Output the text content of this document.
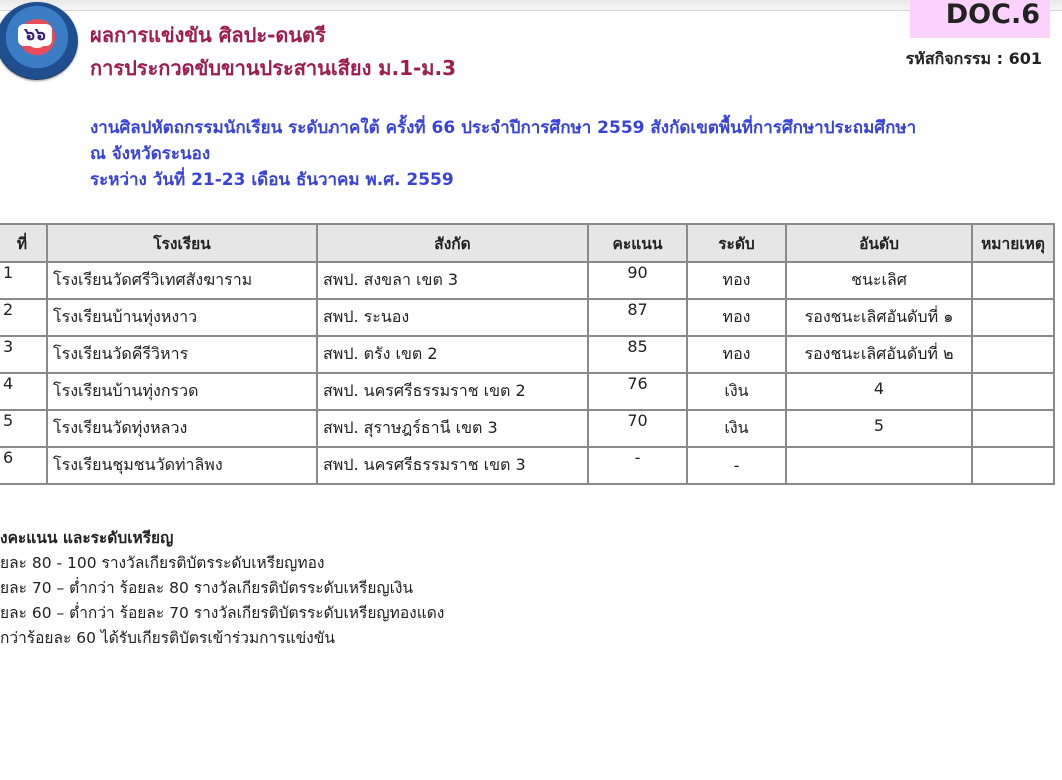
๖๖	ผลการแข่งขัน ศิลปะ-ดนตรี
การประกวดขับขานประสานเสียง ม.1-ม.3
DOC.6
รหัสกิจกรรม : 601
งานศิลปหัตถกรรมนักเรียน ระดับภาคใต้ ครั้งที่ 66 ประจำปีการศึกษา 2559 สังกัดเขตพื้นที่การศึกษาประถมศึกษา
ณ จังหวัดระนอง
ระหว่าง วันที่ 21-23 เดือน ธันวาคม พ.ศ. 2559
ที่	โรงเรียน	สังกัด	คะแนน	ระดับ	อันดับ	หมายเหตุ
1	โรงเรียนวัดศรีวิเทศสังฆาราม	สพป. สงขลา เขต 3	90	ทอง	ชนะเลิศ	
2	โรงเรียนบ้านทุ่งหงาว	สพป. ระนอง	87	ทอง	รองชนะเลิศอันดับที่ ๑	
3	โรงเรียนวัดคีรีวิหาร	สพป. ตรัง เขต 2	85	ทอง	รองชนะเลิศอันดับที่ ๒	
4	โรงเรียนบ้านทุ่งกรวด	สพป. นครศรีธรรมราช เขต 2	76	เงิน	4	
5	โรงเรียนวัดทุ่งหลวง	สพป. สุราษฎร์ธานี เขต 3	70	เงิน	5	
6	โรงเรียนชุมชนวัดท่าลิพง	สพป. นครศรีธรรมราช เขต 3	-	-		
งคะแนน และระดับเหรียญ
ยละ 80 - 100 รางวัลเกียรติบัตรระดับเหรียญทอง
ยละ 70 – ต่ำกว่า ร้อยละ 80 รางวัลเกียรติบัตรระดับเหรียญเงิน
ยละ 60 – ต่ำกว่า ร้อยละ 70 รางวัลเกียรติบัตรระดับเหรียญทองแดง
กว่าร้อยละ 60 ได้รับเกียรติบัตรเข้าร่วมการแข่งขัน
